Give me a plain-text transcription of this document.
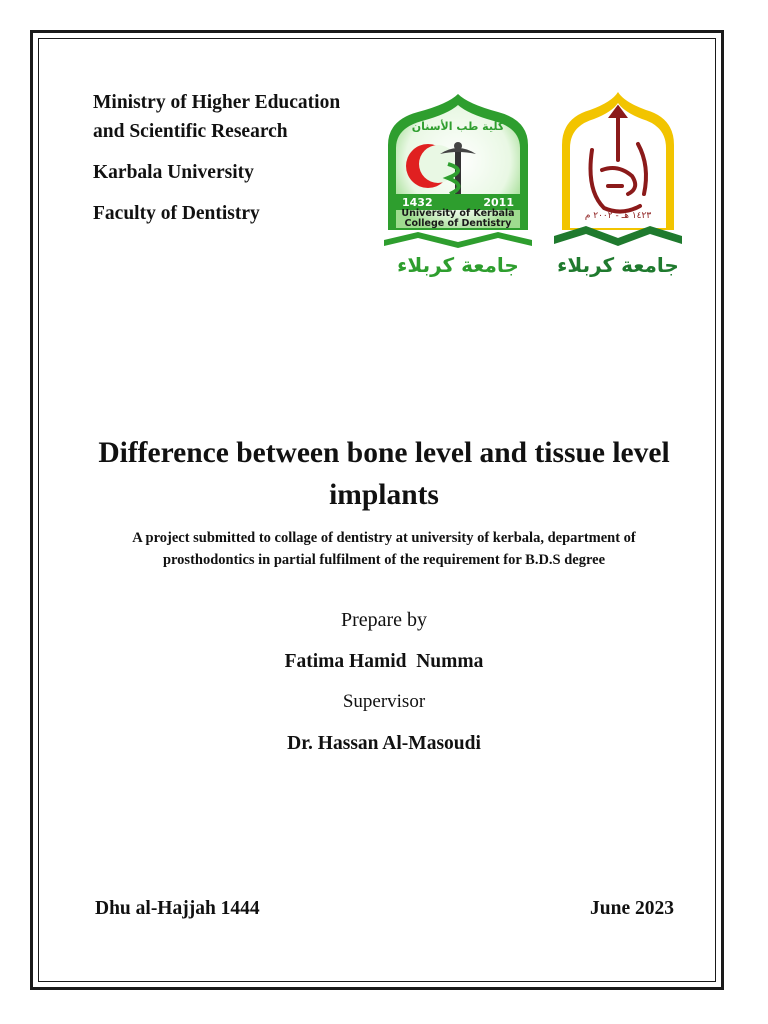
Ministry of Higher Education and Scientific Research

Karbala University

Faculty of Dentistry

كلية طب الأسنان
1432	2011
University of Kerbala
College of Dentistry
جامعة كربلاء
١٤٢٣ هـ - ٢٠٠٢ م
جامعة كربلاء
Difference between bone level and tissue level implants
A project submitted to collage of dentistry at university of kerbala, department of prosthodontics in partial fulfilment of the requirement for B.D.S degree
Prepare by
Fatima Hamid  Numma
Supervisor
Dr. Hassan Al-Masoudi
Dhu al-Hajjah 1444	June 2023
